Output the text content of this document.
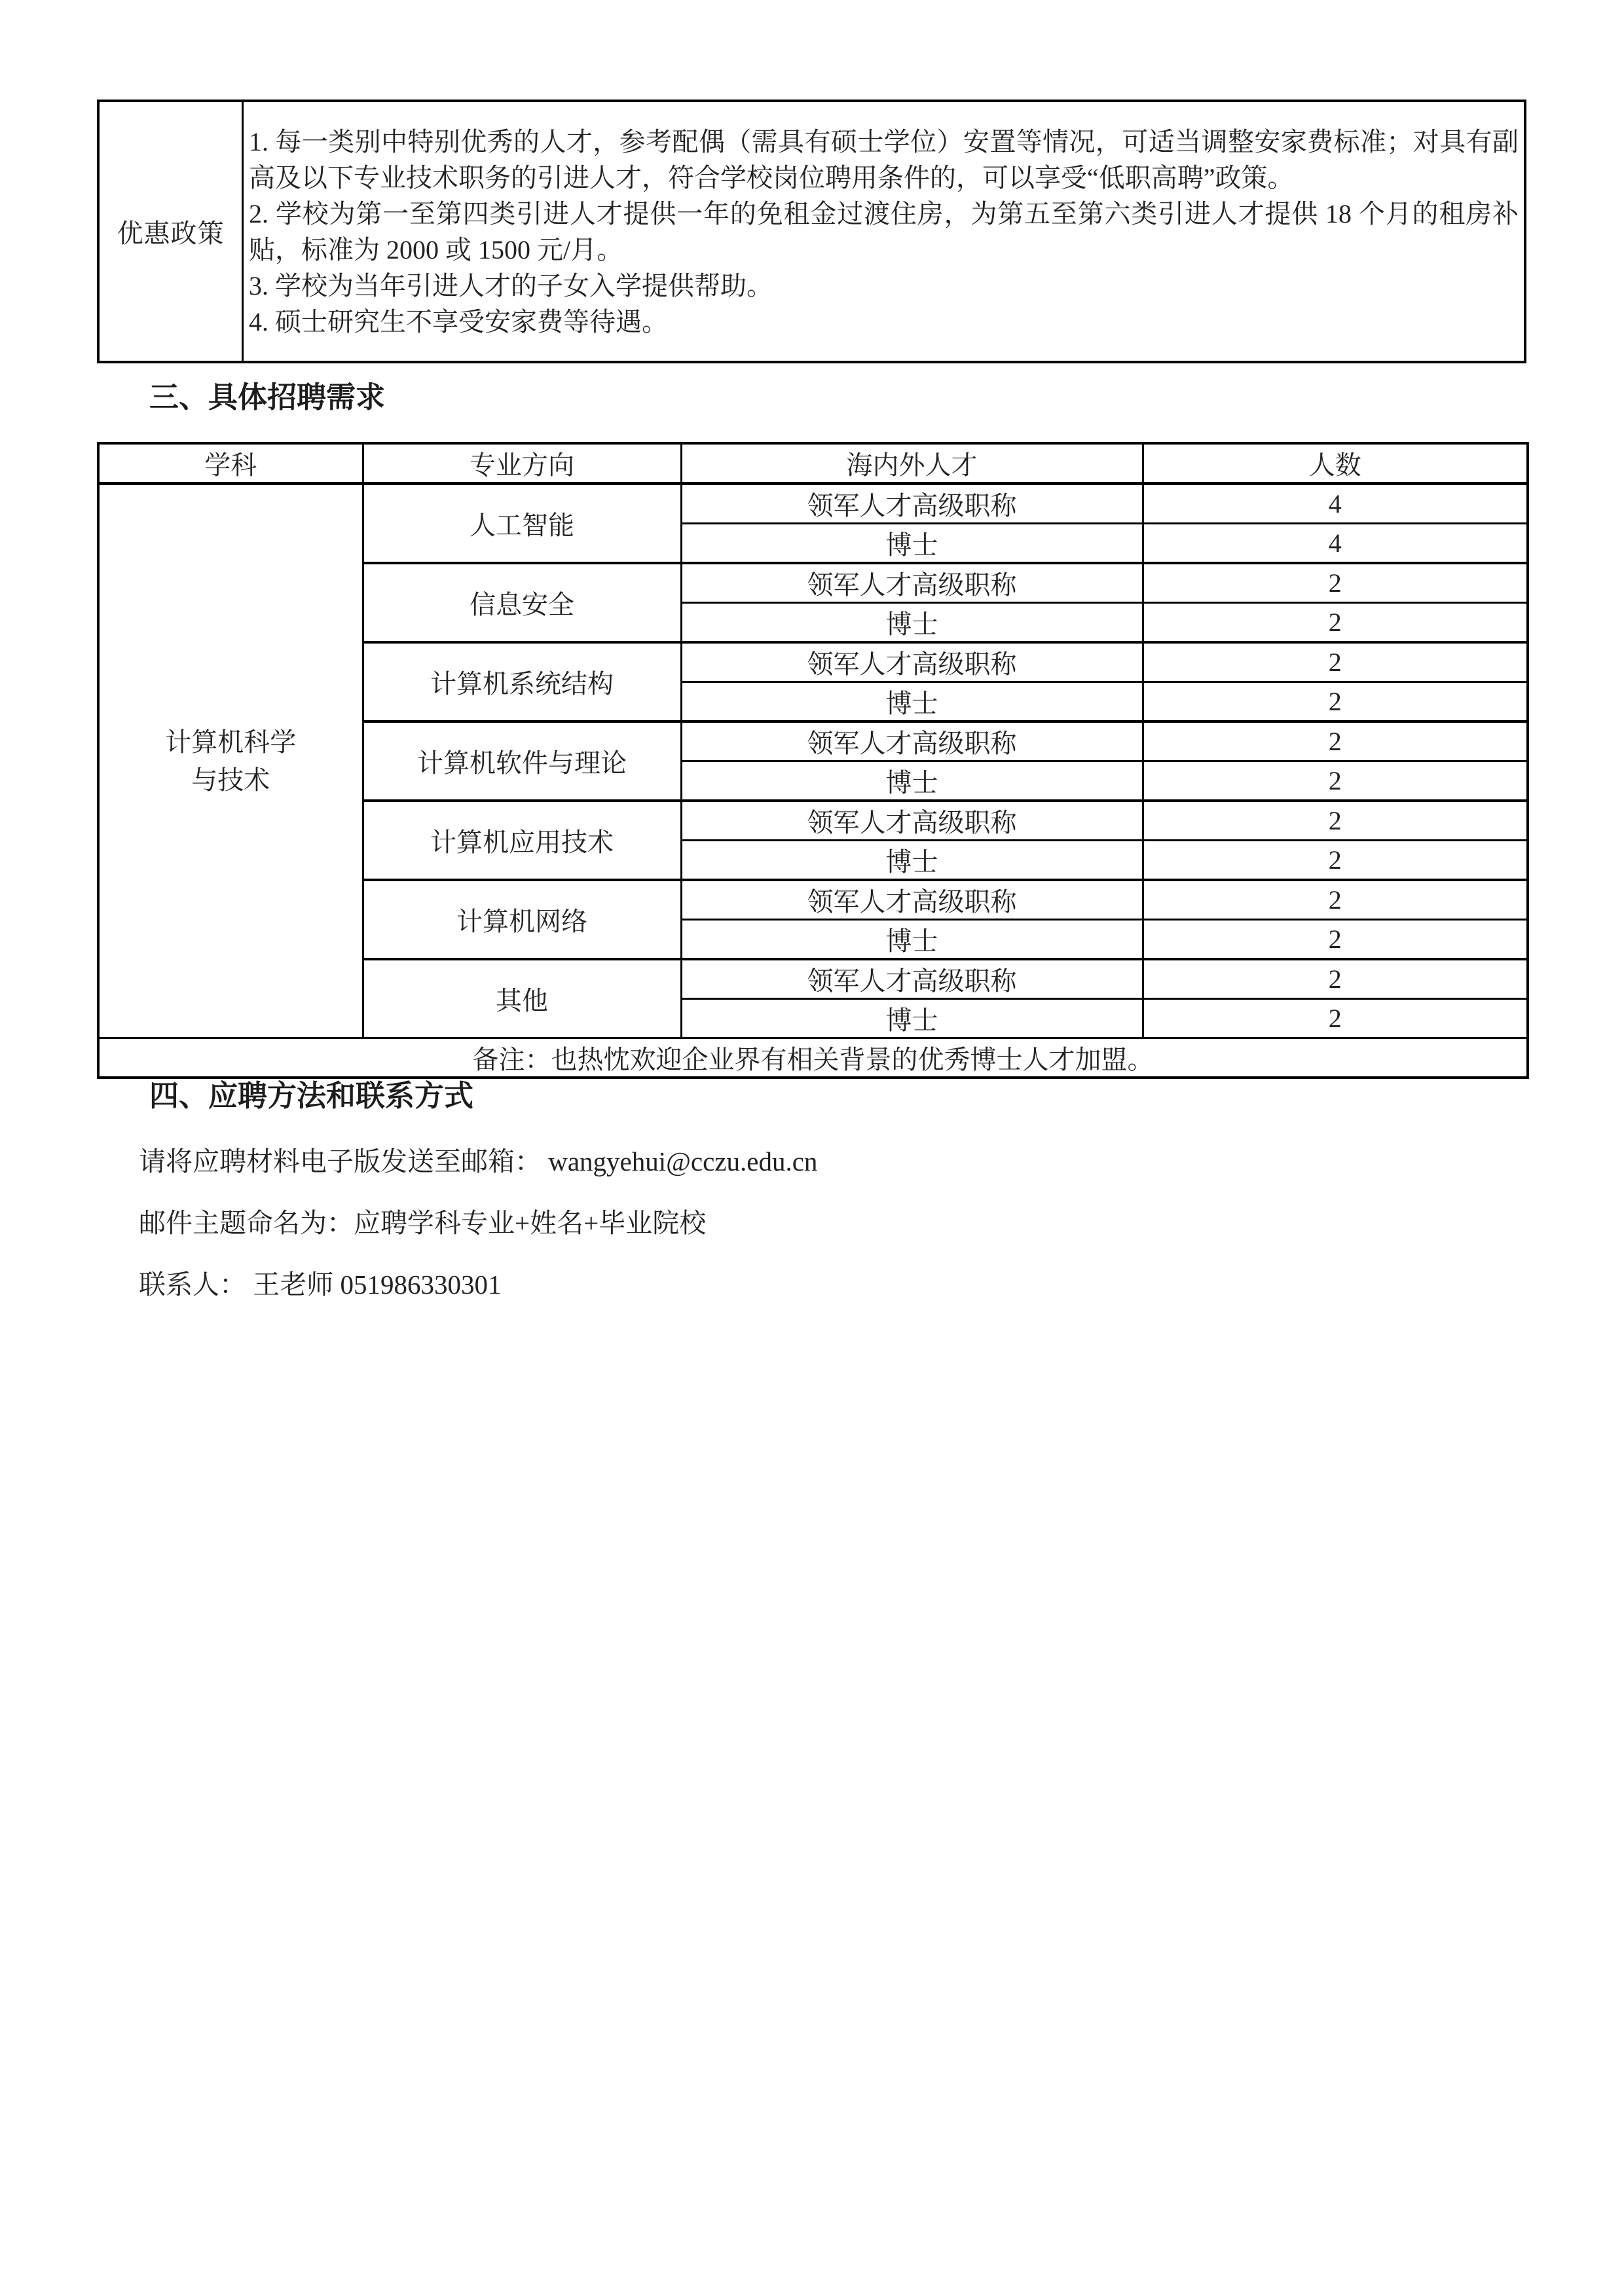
优惠政策	

1. 每一类别中特别优秀的人才，参考配偶（需具有硕士学位）安置等情况，可适当调整安家费标准；对具有副高及以下专业技术职务的引进人才，符合学校岗位聘用条件的，可以享受“低职高聘”政策。

2. 学校为第一至第四类引进人才提供一年的免租金过渡住房，为第五至第六类引进人才提供 18 个月的租房补贴，标准为 2000 或 1500 元/月。

3. 学校为当年引进人才的子女入学提供帮助。

4. 硕士研究生不享受安家费等待遇。

三、具体招聘需求
学科	专业方向	海内外人才	人数
计算机科学
与技术	人工智能	领军人才高级职称	4
		博士	4
	信息安全	领军人才高级职称	2
		博士	2
	计算机系统结构	领军人才高级职称	2
		博士	2
	计算机软件与理论	领军人才高级职称	2
		博士	2
	计算机应用技术	领军人才高级职称	2
		博士	2
	计算机网络	领军人才高级职称	2
		博士	2
	其他	领军人才高级职称	2
		博士	2
备注：也热忱欢迎企业界有相关背景的优秀博士人才加盟。			
四、应聘方法和联系方式
请将应聘材料电子版发送至邮箱： wangyehui@cczu.edu.cn
邮件主题命名为：应聘学科专业+姓名+毕业院校
联系人： 王老师 051986330301
